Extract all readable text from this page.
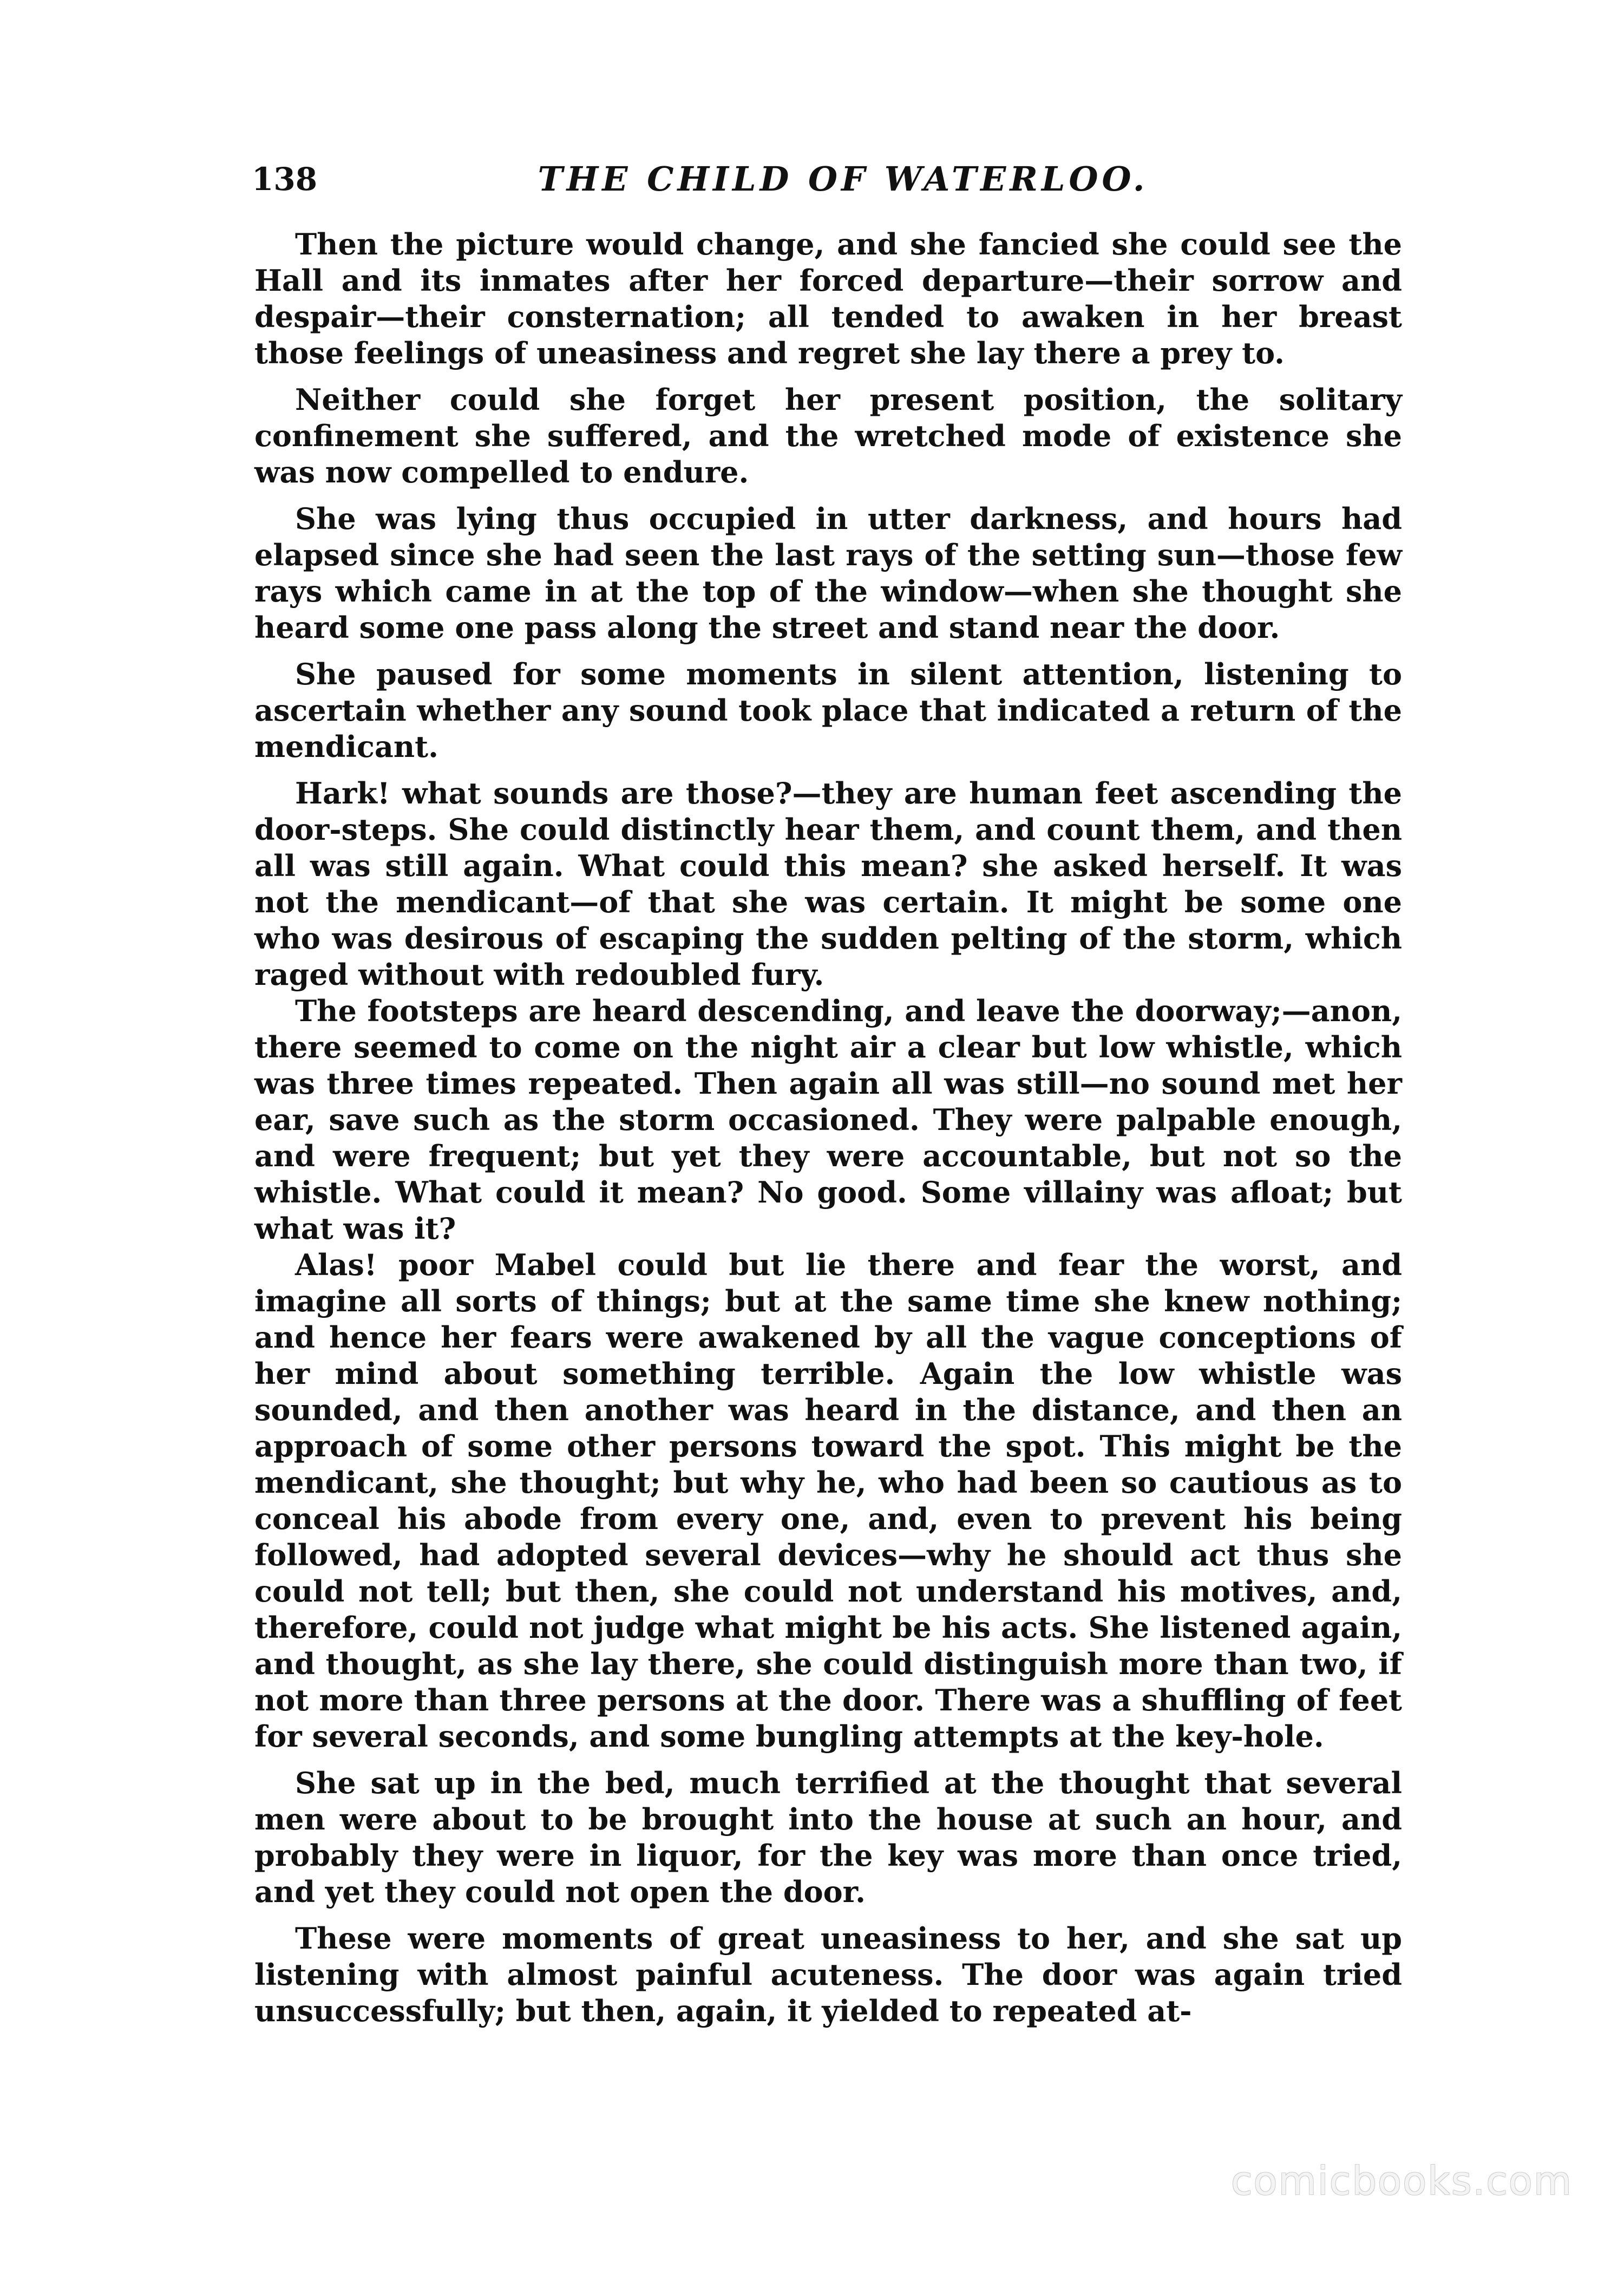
138	THE CHILD OF WATERLOO.

Then the picture would change, and she fancied she could see the Hall and its inmates after her forced departure—their sorrow and despair—their consternation; all tended to awaken in her breast those feelings of uneasiness and regret she lay there a prey to.

Neither could she forget her present position, the solitary confinement she suffered, and the wretched mode of existence she was now compelled to endure.

She was lying thus occupied in utter darkness, and hours had elapsed since she had seen the last rays of the setting sun—those few rays which came in at the top of the window—when she thought she heard some one pass along the street and stand near the door.

She paused for some moments in silent attention, listening to ascertain whether any sound took place that indicated a return of the mendicant.

Hark! what sounds are those?—they are human feet ascending the door-steps. She could distinctly hear them, and count them, and then all was still again. What could this mean? she asked herself. It was not the mendicant—of that she was certain. It might be some one who was desirous of escaping the sudden pelting of the storm, which raged without with redoubled fury.

The footsteps are heard descending, and leave the doorway;—anon, there seemed to come on the night air a clear but low whistle, which was three times repeated. Then again all was still—no sound met her ear, save such as the storm occasioned. They were palpable enough, and were frequent; but yet they were accountable, but not so the whistle. What could it mean? No good. Some villainy was afloat; but what was it?

Alas! poor Mabel could but lie there and fear the worst, and imagine all sorts of things; but at the same time she knew nothing; and hence her fears were awakened by all the vague conceptions of her mind about something terrible. Again the low whistle was sounded, and then another was heard in the distance, and then an approach of some other persons toward the spot. This might be the mendicant, she thought; but why he, who had been so cautious as to conceal his abode from every one, and, even to prevent his being followed, had adopted several devices—why he should act thus she could not tell; but then, she could not understand his motives, and, therefore, could not judge what might be his acts. She listened again, and thought, as she lay there, she could distinguish more than two, if not more than three persons at the door. There was a shuffling of feet for several seconds, and some bungling attempts at the key-hole.

She sat up in the bed, much terrified at the thought that several men were about to be brought into the house at such an hour, and probably they were in liquor, for the key was more than once tried, and yet they could not open the door.

These were moments of great uneasiness to her, and she sat up listening with almost painful acuteness. The door was again tried unsuccessfully; but then, again, it yielded to repeated at-

comicbooks.com
